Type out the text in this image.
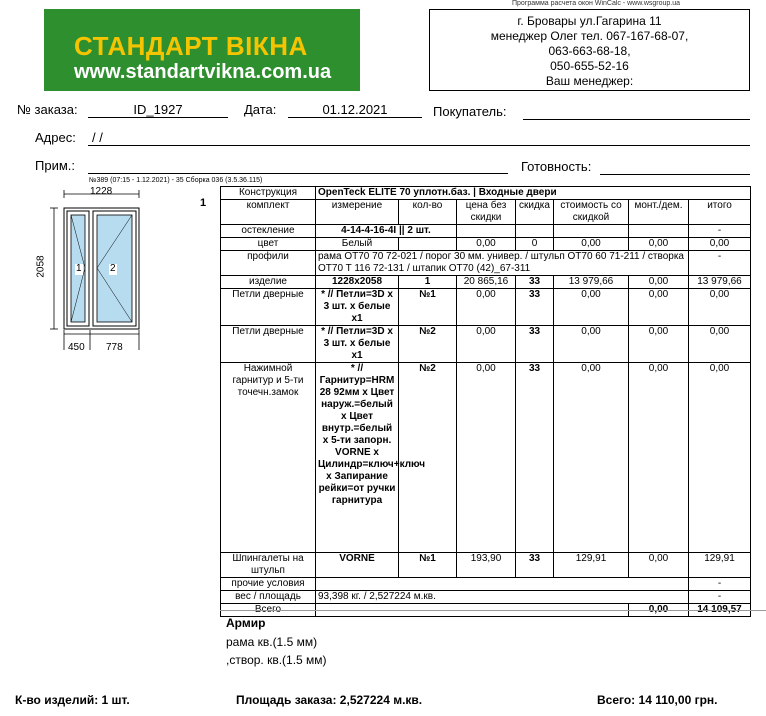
СТАНДАРТ ВІКНА
www.standartvikna.com.ua
Программа расчета окон WinCalc - www.wsgroup.ua
г. Бровары ул.Гагарина 11
менеджер Олег тел. 067-167-68-07,
063-663-68-18,
050-655-52-16
Ваш менеджер:
№ заказа:	ID_1927	Дата:	01.12.2021	Покупатель:
Адрес: / /
Прим.:	Готовность:
№389 (07:15 - 1.12.2021) - 35 Сборка 036 (3.5.36.115)
1228
2058
450 778
1	2
1
Конструкция	OpenTeck ELITE 70 уплотн.баз. | Входные двери						
комплект	измерение	кол-во	цена без скидки	скидка	стоимость со скидкой	монт./дем.	итого
остекление	4-14-4-16-4I || 2 шт.						-
цвет	Белый		0,00	0	0,00	0,00	0,00
профили	рама OT70 70 72-021 / порог 30 мм. универ. / штульп OT70 60 71-211 / створка OT70 T 116 72-131 / штапик OT70 (42)_67-311						-
изделие	1228x2058	1	20 865,16	33	13 979,66	0,00	13 979,66
Петли дверные	* // Петли=3D х 3 шт. х белые х1	№1	0,00	33	0,00	0,00	0,00
Петли дверные	* // Петли=3D х 3 шт. х белые х1	№2	0,00	33	0,00	0,00	0,00
Нажимной гарнитур и 5-ти точечн.замок	* // Гарнитур=HRM 28 92мм х Цвет наруж.=белый х Цвет внутр.=белый х 5-ти запорн. VORNE х Цилиндр=ключ+ключ х Запирание рейки=от ручки гарнитура	№2	0,00	33	0,00	0,00	0,00
Шпингалеты на штульп	VORNE	№1	193,90	33	129,91	0,00	129,91
прочие условия							-
вес / площадь	93,398 кг. / 2,527224 м.кв.						-
Всего						0,00	14 109,57
Армир
рама кв.(1.5 мм)
,створ. кв.(1.5 мм)
К-во изделий: 1 шт.	Площадь заказа: 2,527224 м.кв.	Всего: 14 110,00 грн.
